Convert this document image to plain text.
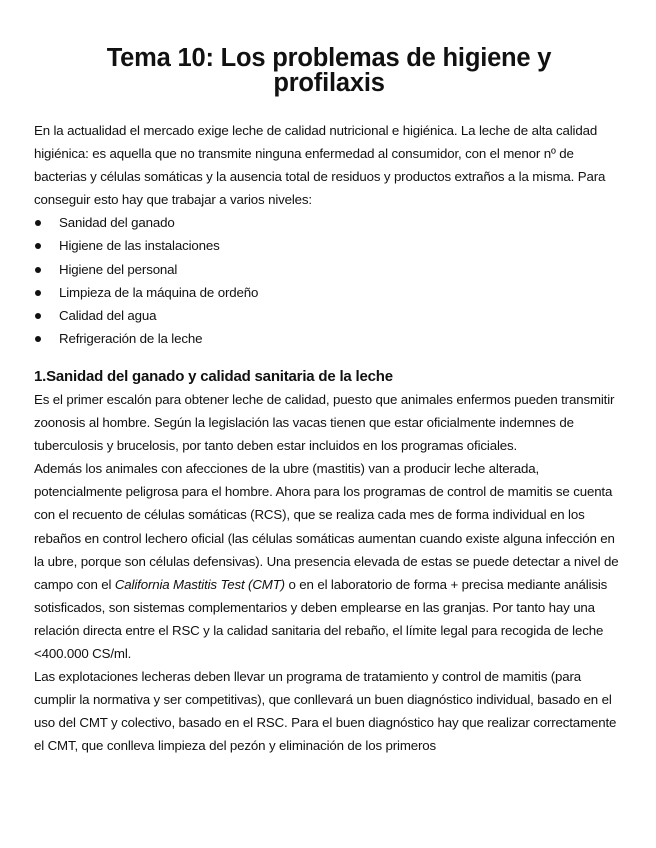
Tema 10: Los problemas de higiene y
profilaxis

En la actualidad el mercado exige leche de calidad nutricional e higiénica. La leche de alta calidad higiénica: es aquella que no transmite ninguna enfermedad al consumidor, con el menor nº de bacterias y células somáticas y la ausencia total de residuos y productos extraños a la misma. Para conseguir esto hay que trabajar a varios niveles:

Sanidad del ganado
Higiene de las instalaciones
Higiene del personal
Limpieza de la máquina de ordeño
Calidad del agua
Refrigeración de la leche
1.Sanidad del ganado y calidad sanitaria de la leche

Es el primer escalón para obtener leche de calidad, puesto que animales enfermos pueden transmitir zoonosis al hombre. Según la legislación las vacas tienen que estar oficialmente indemnes de tuberculosis y brucelosis, por tanto deben estar incluidos en los programas oficiales.

Además los animales con afecciones de la ubre (mastitis) van a producir leche alterada, potencialmente peligrosa para el hombre. Ahora para los programas de control de mamitis se cuenta con el recuento de células somáticas (RCS), que se realiza cada mes de forma individual en los rebaños en control lechero oficial (las células somáticas aumentan cuando existe alguna infección en la ubre, porque son células defensivas). Una presencia elevada de estas se puede detectar a nivel de campo con el California Mastitis Test (CMT) o en el laboratorio de forma + precisa mediante análisis sotisficados, son sistemas complementarios y deben emplearse en las granjas. Por tanto hay una relación directa entre el RSC y la calidad sanitaria del rebaño, el límite legal para recogida de leche <400.000 CS/ml.

Las explotaciones lecheras deben llevar un programa de tratamiento y control de mamitis (para cumplir la normativa y ser competitivas), que conllevará un buen diagnóstico individual, basado en el uso del CMT y colectivo, basado en el RSC. Para el buen diagnóstico hay que realizar correctamente el CMT, que conlleva limpieza del pezón y eliminación de los primeros
